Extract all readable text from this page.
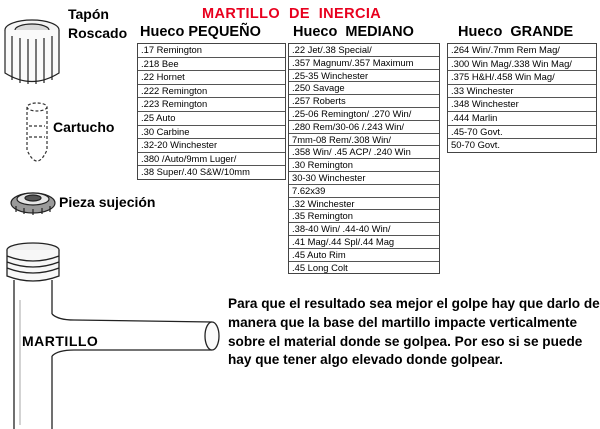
MARTILLO  DE  INERCIA
Tapón
Roscado
Cartucho
Pieza sujeción
MARTILLO
Hueco PEQUEÑO Hueco  MEDIANO	Hueco  GRANDE
.17 Remington
.218 Bee
.22 Hornet
.222 Remington
.223 Remington
.25 Auto
.30 Carbine
.32-20 Winchester
.380 /Auto/9mm Luger/
.38 Super/.40 S&W/10mm
.22 Jet/.38 Special/
.357 Magnum/.357 Maximum
.25-35 Winchester
.250 Savage
.257 Roberts
.25-06 Remington/ .270 Win/
.280 Rem/30-06 /.243 Win/
7mm-08 Rem/.308 Win/
.358 Win/ .45 ACP/ .240 Win
.30 Remington
30-30 Winchester
7.62x39
.32 Winchester
.35 Remington
.38-40 Win/ .44-40 Win/
.41 Mag/.44 Spl/.44 Mag
.45 Auto Rim
.45 Long Colt
.264 Win/.7mm Rem Mag/
.300 Win Mag/.338 Win Mag/
.375 H&H/.458 Win Mag/
.33 Winchester
.348 Winchester
.444 Marlin
.45-70 Govt.
50-70 Govt.
Para que el resultado sea mejor el golpe hay que darlo de manera que la base del martillo impacte verticalmente sobre el material donde se golpea. Por eso si se puede hay que tener algo elevado donde golpear.
